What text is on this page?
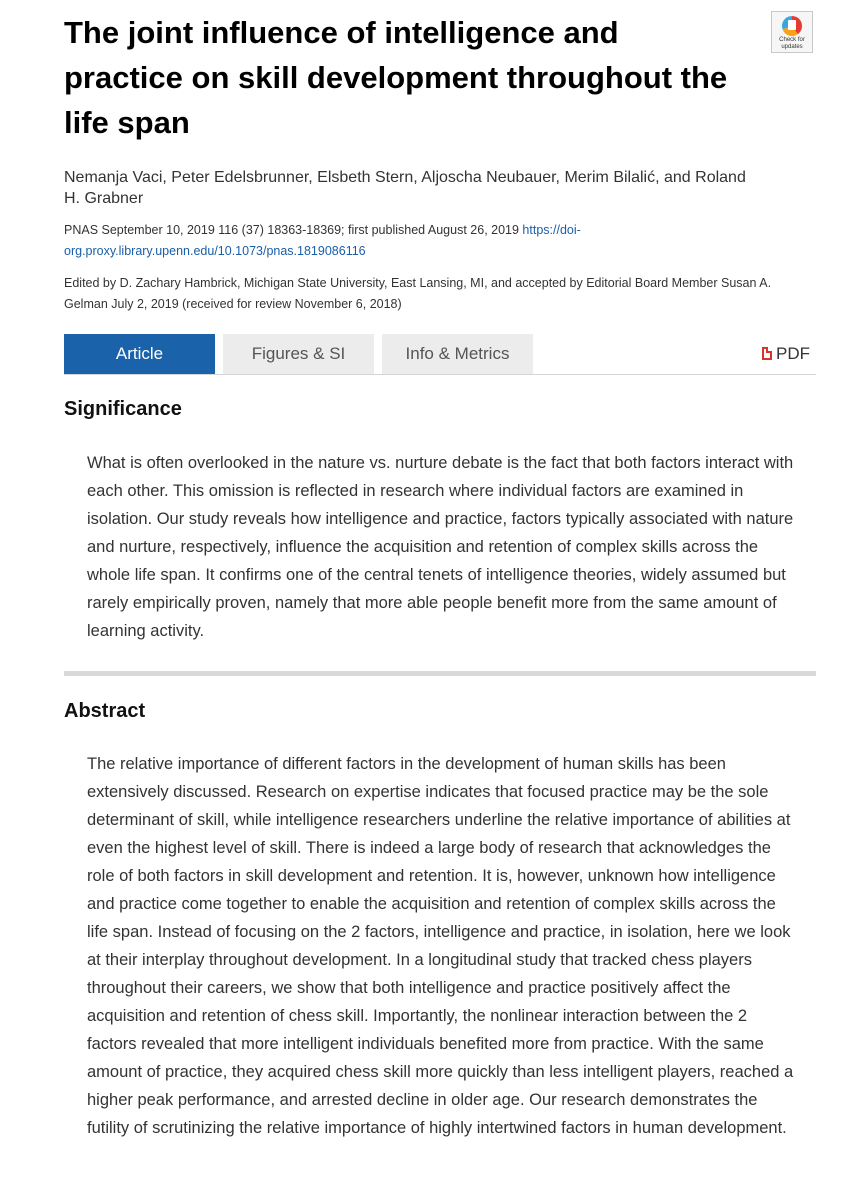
Check for updates
The joint influence of intelligence and practice on skill development throughout the life span
Nemanja Vaci, Peter Edelsbrunner, Elsbeth Stern, Aljoscha Neubauer, Merim Bilalić, and Roland H. Grabner
PNAS September 10, 2019 116 (37) 18363-18369; first published August 26, 2019 https://doi-org.proxy.library.upenn.edu/10.1073/pnas.1819086116
Edited by D. Zachary Hambrick, Michigan State University, East Lansing, MI, and accepted by Editorial Board Member Susan A. Gelman July 2, 2019 (received for review November 6, 2018)
Article	Figures & SI	Info & Metrics	PDF
Significance
What is often overlooked in the nature vs. nurture debate is the fact that both factors interact with each other. This omission is reflected in research where individual factors are examined in isolation. Our study reveals how intelligence and practice, factors typically associated with nature and nurture, respectively, influence the acquisition and retention of complex skills across the whole life span. It confirms one of the central tenets of intelligence theories, widely assumed but rarely empirically proven, namely that more able people benefit more from the same amount of learning activity.
Abstract
The relative importance of different factors in the development of human skills has been extensively discussed. Research on expertise indicates that focused practice may be the sole determinant of skill, while intelligence researchers underline the relative importance of abilities at even the highest level of skill. There is indeed a large body of research that acknowledges the role of both factors in skill development and retention. It is, however, unknown how intelligence and practice come together to enable the acquisition and retention of complex skills across the life span. Instead of focusing on the 2 factors, intelligence and practice, in isolation, here we look at their interplay throughout development. In a longitudinal study that tracked chess players throughout their careers, we show that both intelligence and practice positively affect the acquisition and retention of chess skill. Importantly, the nonlinear interaction between the 2 factors revealed that more intelligent individuals benefited more from practice. With the same amount of practice, they acquired chess skill more quickly than less intelligent players, reached a higher peak performance, and arrested decline in older age. Our research demonstrates the futility of scrutinizing the relative importance of highly intertwined factors in human development.
